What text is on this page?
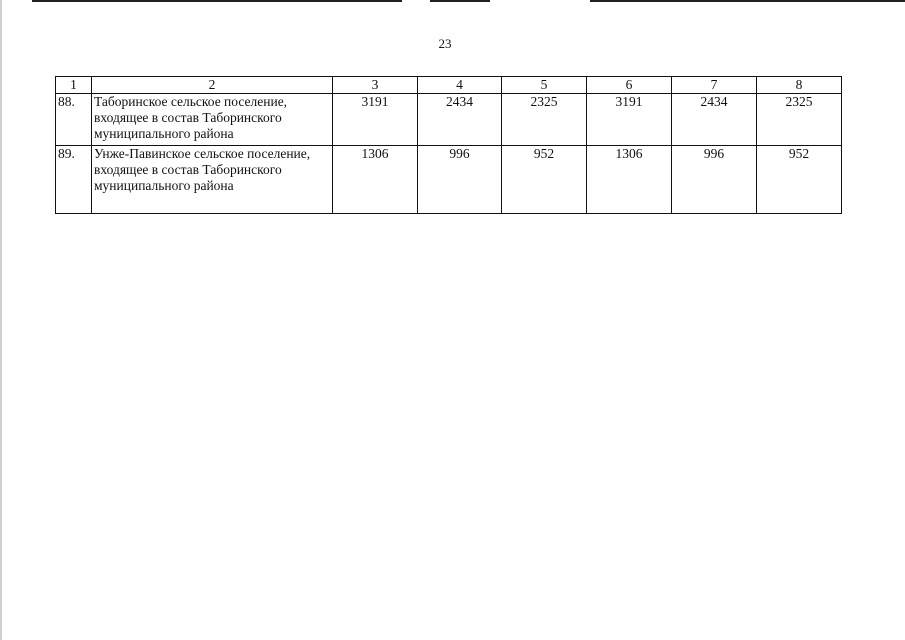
23
1	2	3	4	5	6	7	8
88.	Таборинское сельское поселение, входящее в состав Таборинского муниципального района	3191	2434	2325	3191	2434	2325
89.	Унже-Павинское сельское поселение, входящее в состав Таборинского муниципального района	1306	996	952	1306	996	952
